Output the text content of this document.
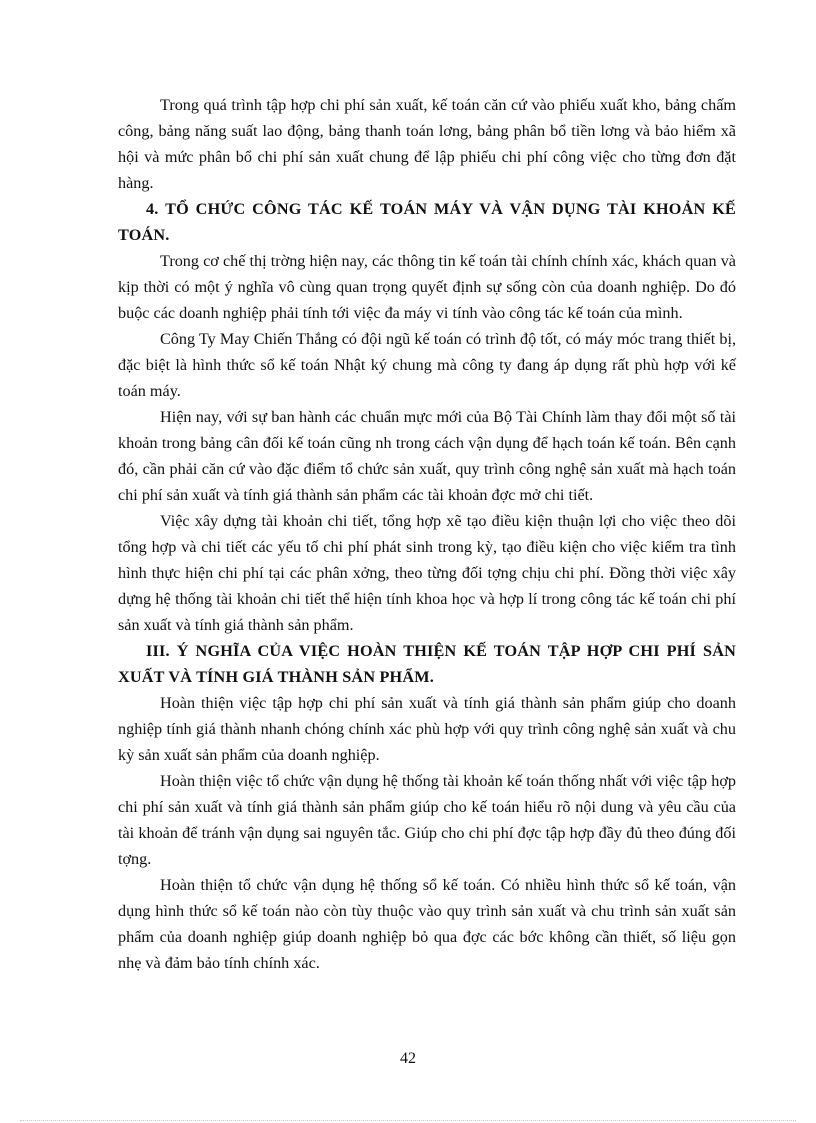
Trong quá trình tập hợp chi phí sản xuất, kế toán căn cứ vào phiếu xuất kho, bảng chấm công, bảng năng suất lao động, bảng thanh toán lơng, bảng phân bổ tiền lơng và bảo hiểm xã hội và mức phân bổ chi phí sản xuất chung để lập phiếu chi phí công việc cho từng đơn đặt hàng.

4. TỔ CHỨC CÔNG TÁC KẾ TOÁN MÁY VÀ VẬN DỤNG TÀI KHOẢN KẾ TOÁN.

Trong cơ chế thị trờng hiện nay, các thông tin kế toán tài chính chính xác, khách quan và kịp thời có một ý nghĩa vô cùng quan trọng quyết định sự sống còn của doanh nghiệp. Do đó buộc các doanh nghiệp phải tính tới việc đa máy vi tính vào công tác kế toán của mình.

Công Ty May Chiến Thắng có đội ngũ kế toán có trình độ tốt, có máy móc trang thiết bị, đặc biệt là hình thức sổ kế toán Nhật ký chung mà công ty đang áp dụng rất phù hợp với kế toán máy.

Hiện nay, với sự ban hành các chuẩn mực mới của Bộ Tài Chính làm thay đổi một số tài khoản trong bảng cân đối kế toán cũng nh trong cách vận dụng để hạch toán kế toán. Bên cạnh đó, cần phải căn cứ vào đặc điểm tổ chức sản xuất, quy trình công nghệ sản xuất mà hạch toán chi phí sản xuất và tính giá thành sản phẩm các tài khoản đợc mở chi tiết.

Việc xây dựng tài khoản chi tiết, tổng hợp xẽ tạo điều kiện thuận lợi cho việc theo dõi tổng hợp và chi tiết các yếu tố chi phí phát sinh trong kỳ, tạo điều kiện cho việc kiểm tra tình hình thực hiện chi phí tại các phân xởng, theo từng đối tợng chịu chi phí. Đồng thời việc xây dựng hệ thống tài khoản chi tiết thể hiện tính khoa học và hợp lí trong công tác kế toán chi phí sản xuất và tính giá thành sản phẩm.

III. Ý NGHĨA CỦA VIỆC HOÀN THIỆN KẾ TOÁN TẬP HỢP CHI PHÍ SẢN XUẤT VÀ TÍNH GIÁ THÀNH SẢN PHẨM.

Hoàn thiện việc tập hợp chi phí sản xuất và tính giá thành sản phẩm giúp cho doanh nghiệp tính giá thành nhanh chóng chính xác phù hợp với quy trình công nghệ sản xuất và chu kỳ sản xuất sản phẩm của doanh nghiệp.

Hoàn thiện việc tổ chức vận dụng hệ thống tài khoản kế toán thống nhất với việc tập hợp chi phí sản xuất và tính giá thành sản phẩm giúp cho kế toán hiểu rõ nội dung và yêu cầu của tài khoản để tránh vận dụng sai nguyên tắc. Giúp cho chi phí đợc tập hợp đầy đủ theo đúng đối tợng.

Hoàn thiện tổ chức vận dụng hệ thống sổ kế toán. Có nhiều hình thức sổ kế toán, vận dụng hình thức sổ kế toán nào còn tùy thuộc vào quy trình sản xuất và chu trình sản xuất sản phẩm của doanh nghiệp giúp doanh nghiệp bỏ qua đợc các bớc không cần thiết, số liệu gọn nhẹ và đảm bảo tính chính xác.

42
